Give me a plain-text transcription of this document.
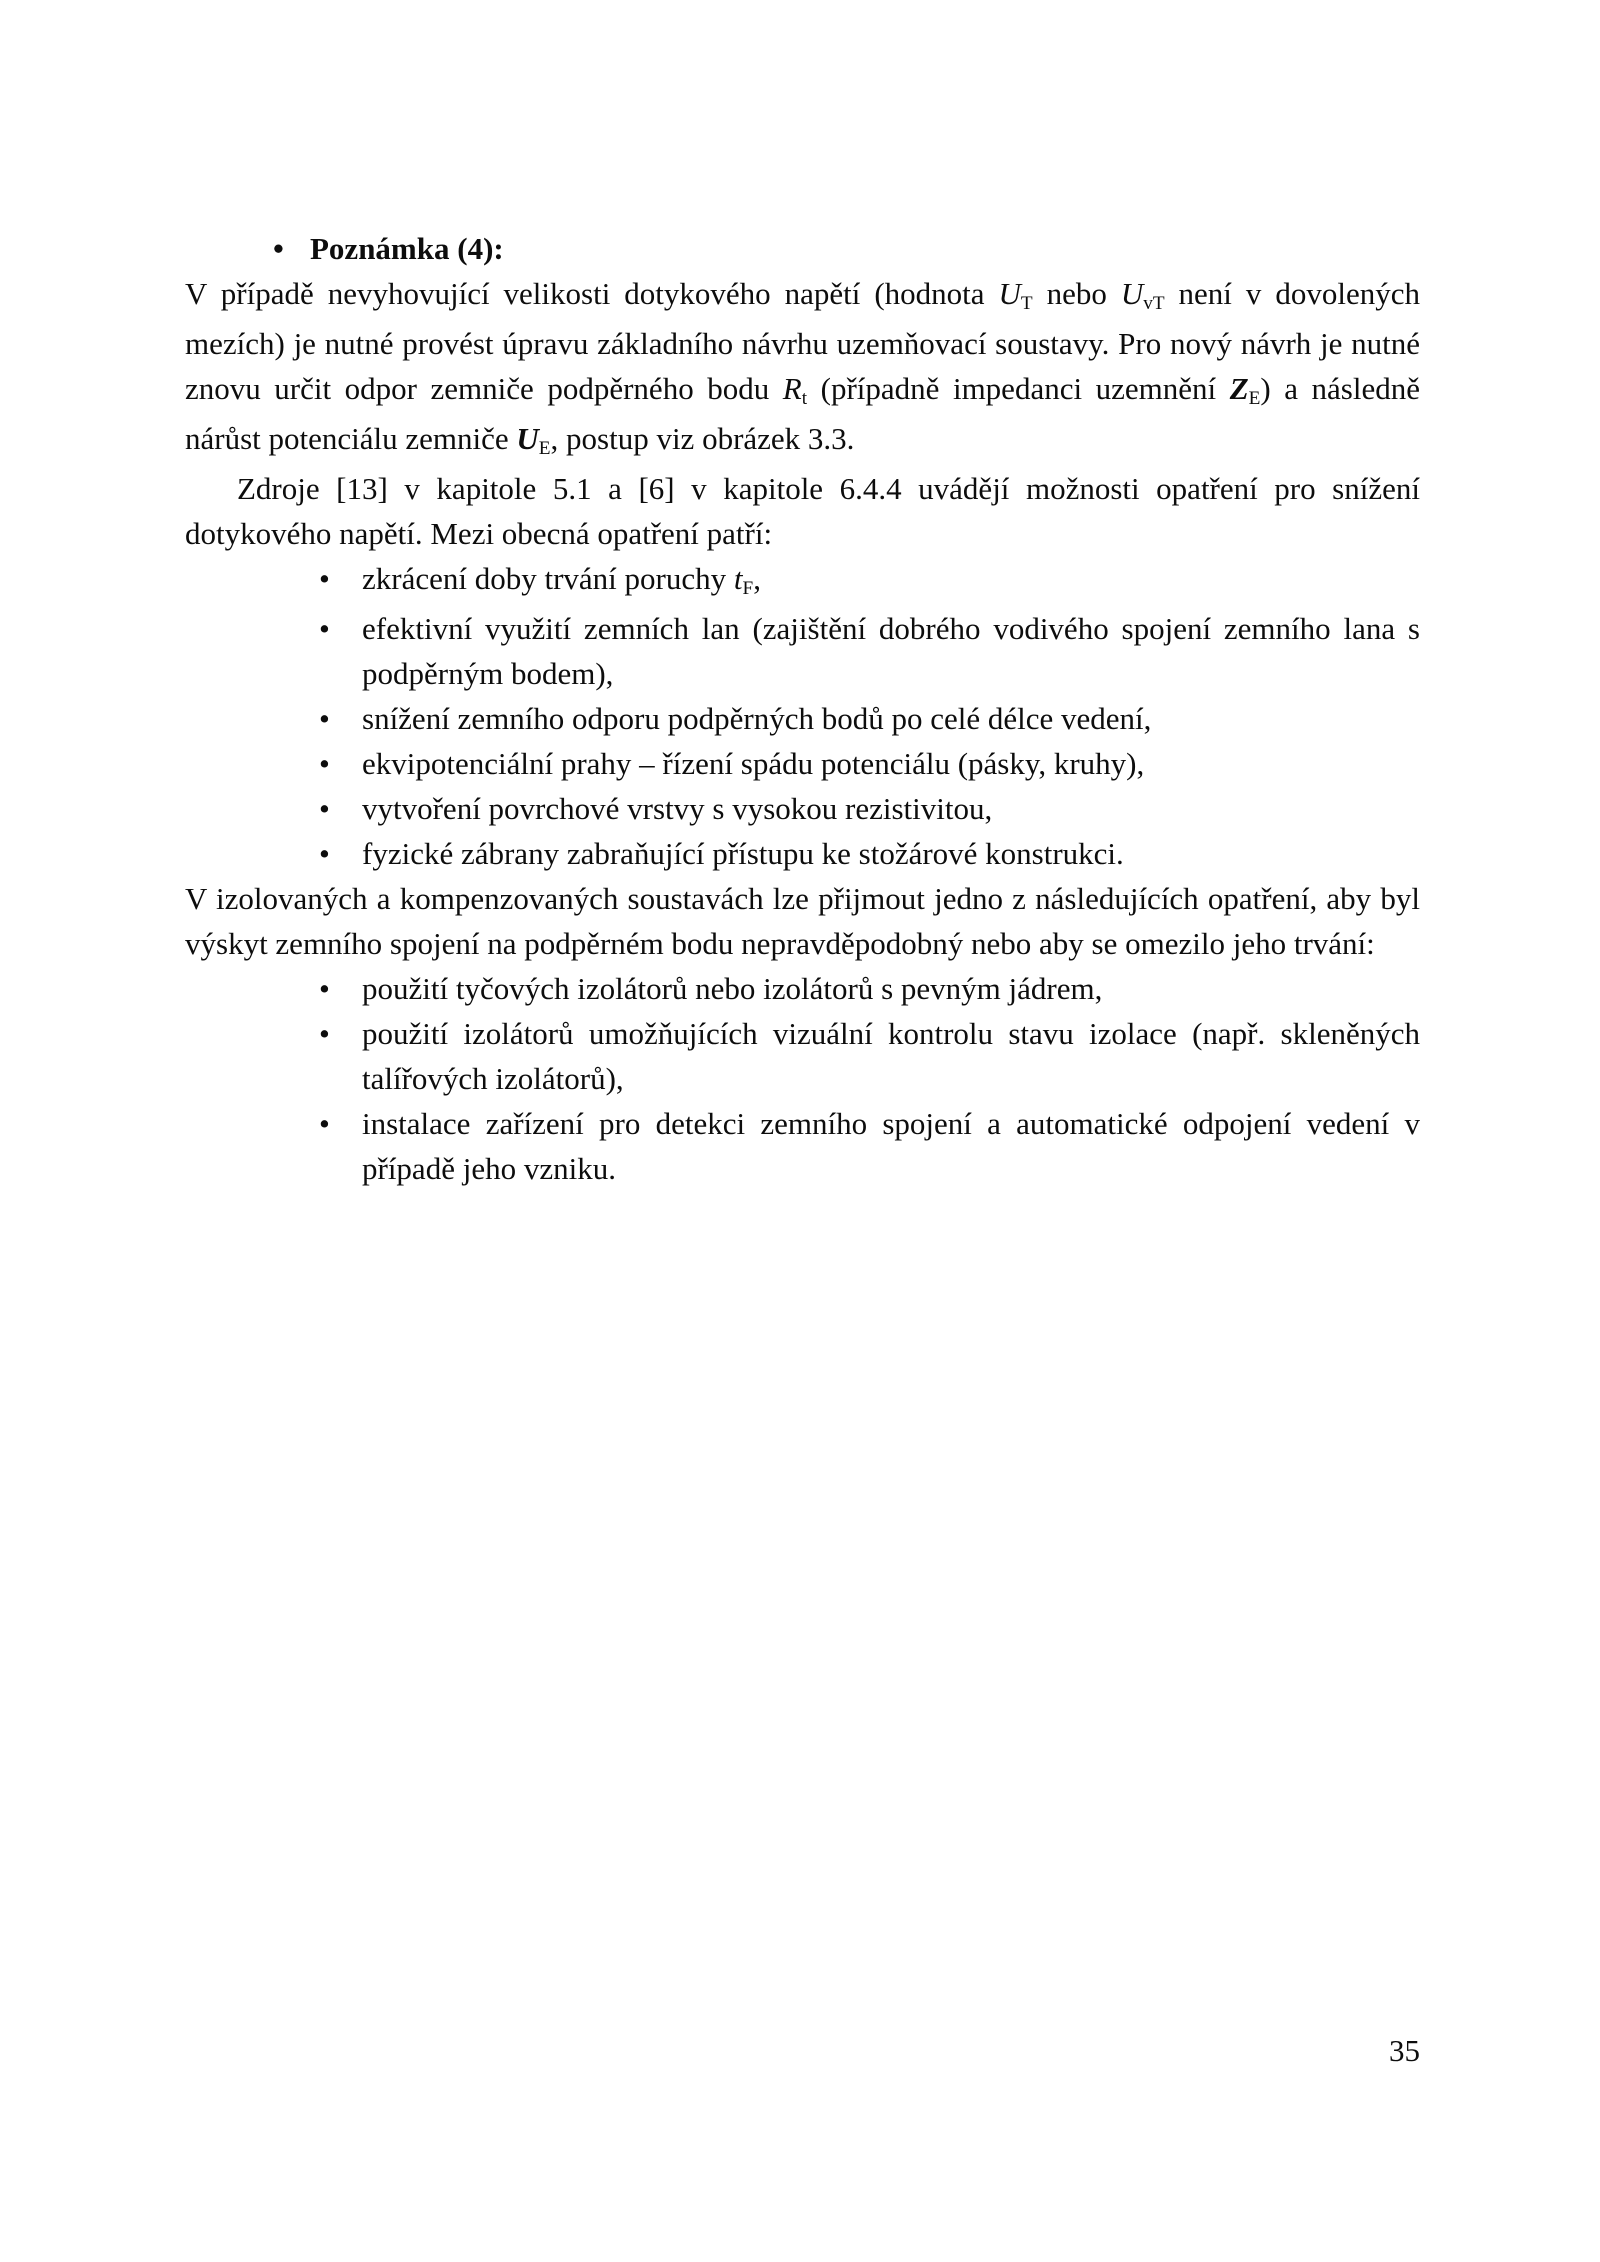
• Poznámka (4):

V případě nevyhovující velikosti dotykového napětí (hodnota UT nebo UvT není v dovolených mezích) je nutné provést úpravu základního návrhu uzemňovací soustavy. Pro nový návrh je nutné znovu určit odpor zemniče podpěrného bodu Rt (případně impedanci uzemnění ZE) a následně nárůst potenciálu zemniče UE, postup viz obrázek 3.3.

Zdroje [13] v kapitole 5.1 a [6] v kapitole 6.4.4 uvádějí možnosti opatření pro snížení dotykového napětí. Mezi obecná opatření patří:

• zkrácení doby trvání poruchy tF,
• efektivní využití zemních lan (zajištění dobrého vodivého spojení zemního lana s podpěrným bodem),
• snížení zemního odporu podpěrných bodů po celé délce vedení,
• ekvipotenciální prahy – řízení spádu potenciálu (pásky, kruhy),
• vytvoření povrchové vrstvy s vysokou rezistivitou,
• fyzické zábrany zabraňující přístupu ke stožárové konstrukci.

V izolovaných a kompenzovaných soustavách lze přijmout jedno z následujících opatření, aby byl výskyt zemního spojení na podpěrném bodu nepravděpodobný nebo aby se omezilo jeho trvání:

• použití tyčových izolátorů nebo izolátorů s pevným jádrem,
• použití izolátorů umožňujících vizuální kontrolu stavu izolace (např. skleněných talířových izolátorů),
• instalace zařízení pro detekci zemního spojení a automatické odpojení vedení v případě jeho vzniku.
35
